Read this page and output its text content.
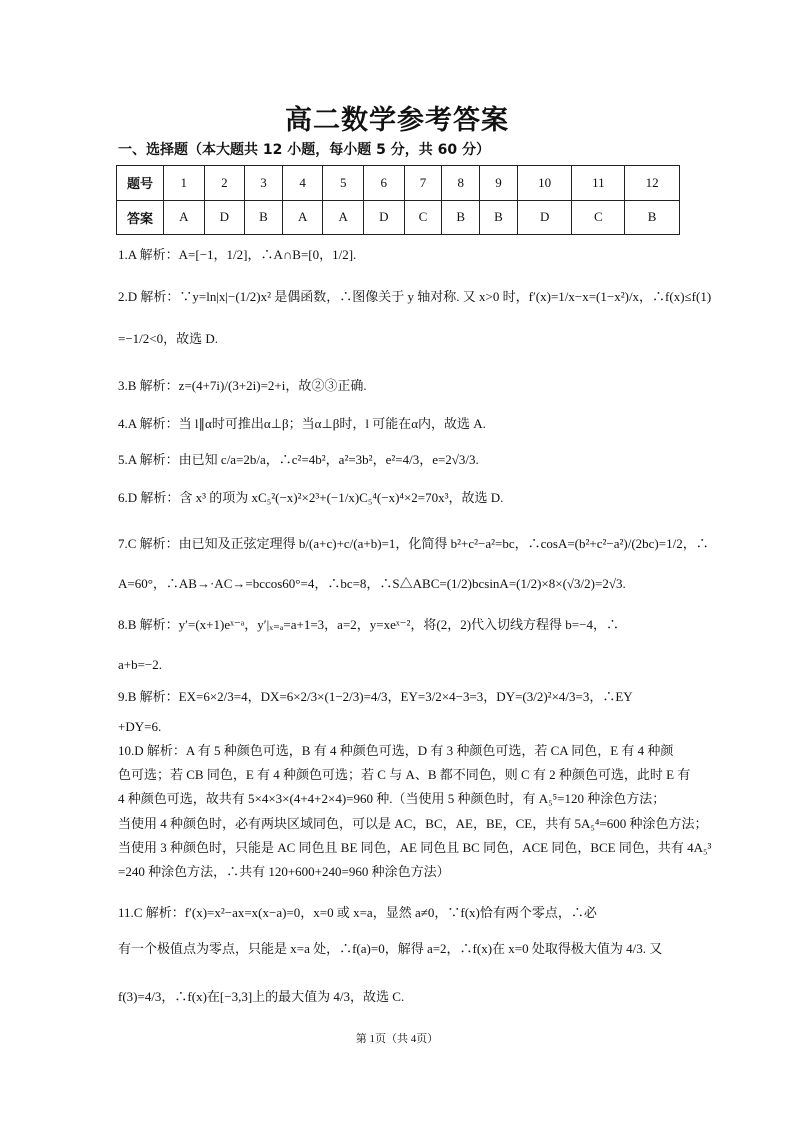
高二数学参考答案
一、选择题（本大题共 12 小题，每小题 5 分，共 60 分）
题号	1	2	3	4	5	6	7	8	9	10	11	12
答案	A	D	B	A	A	D	C	B	B	D	C	B
1.A 解析：A=[−1，1/2]，∴A∩B=[0，1/2].
2.D 解析：∵y=ln|x|−(1/2)x² 是偶函数，∴图像关于 y 轴对称. 又 x>0 时，f′(x)=1/x−x=(1−x²)/x，∴f(x)≤f(1)
=−1/2<0，故选 D.
3.B 解析：z=(4+7i)/(3+2i)=2+i，故②③正确.
4.A 解析：当 l∥α时可推出α⊥β；当α⊥β时，l 可能在α内，故选 A.
5.A 解析：由已知 c/a=2b/a，∴c²=4b²，a²=3b²，e²=4/3，e=2√3/3.
6.D 解析：含 x³ 的项为 xC₅²(−x)²×2³+(−1/x)C₅⁴(−x)⁴×2=70x³，故选 D.
7.C 解析：由已知及正弦定理得 b/(a+c)+c/(a+b)=1，化简得 b²+c²−a²=bc，∴cosA=(b²+c²−a²)/(2bc)=1/2，∴
A=60°，∴AB→·AC→=bccos60°=4，∴bc=8，∴S△ABC=(1/2)bcsinA=(1/2)×8×(√3/2)=2√3.
8.B 解析：y′=(x+1)eˣ⁻ᵃ，y′|ₓ₌ₐ=a+1=3，a=2，y=xeˣ⁻²，将(2，2)代入切线方程得 b=−4，∴
a+b=−2.
9.B 解析：EX=6×2/3=4，DX=6×2/3×(1−2/3)=4/3，EY=3/2×4−3=3，DY=(3/2)²×4/3=3，∴EY
+DY=6.
10.D 解析：A 有 5 种颜色可选，B 有 4 种颜色可选，D 有 3 种颜色可选，若 CA 同色，E 有 4 种颜
色可选；若 CB 同色，E 有 4 种颜色可选；若 C 与 A、B 都不同色，则 C 有 2 种颜色可选，此时 E 有
4 种颜色可选，故共有 5×4×3×(4+4+2×4)=960 种.（当使用 5 种颜色时，有 A₅⁵=120 种涂色方法；
当使用 4 种颜色时，必有两块区域同色，可以是 AC，BC，AE，BE，CE，共有 5A₅⁴=600 种涂色方法；
当使用 3 种颜色时，只能是 AC 同色且 BE 同色，AE 同色且 BC 同色，ACE 同色，BCE 同色，共有 4A₅³
=240 种涂色方法，∴共有 120+600+240=960 种涂色方法）
11.C 解析：f′(x)=x²−ax=x(x−a)=0，x=0 或 x=a，显然 a≠0，∵f(x)恰有两个零点，∴必
有一个极值点为零点，只能是 x=a 处，∴f(a)=0，解得 a=2，∴f(x)在 x=0 处取得极大值为 4/3. 又
f(3)=4/3，∴f(x)在[−3,3]上的最大值为 4/3，故选 C.
第 1页（共 4页）
